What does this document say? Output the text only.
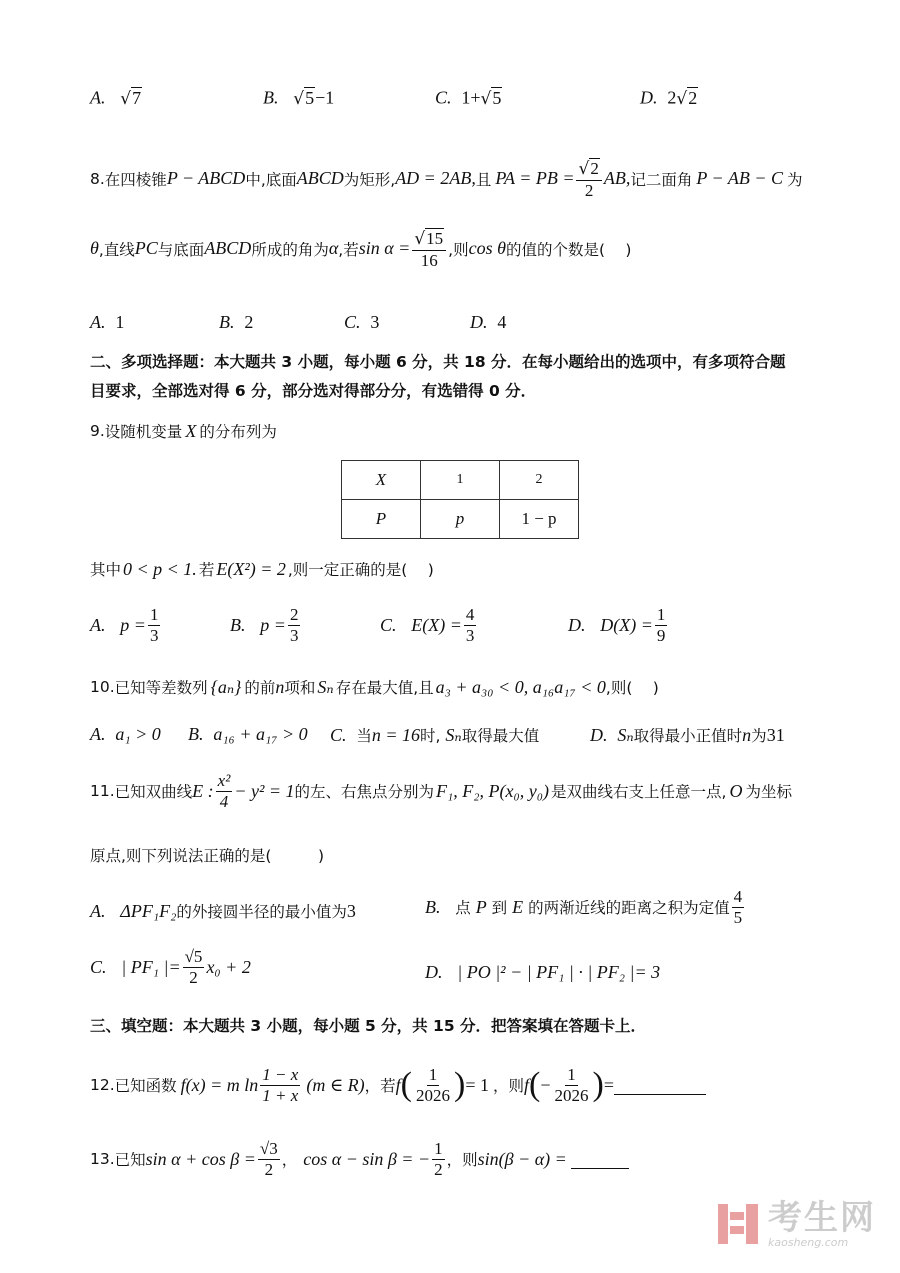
A. √ 7	B. √ 5 −1	C. 1+ √ 5	D. 2 √ 2
8. 在四棱锥 P − ABCD 中,底面 ABCD 为矩形, AD = 2AB, 且 PA = PB = $\frac{√ 2}{2}$ AB, 记二面角 P − AB − C 为
θ ,直线 PC 与底面 ABCD 所成的角为 α ,若 $\sin \alpha = \frac{√ 15}{16}$ ,则 cos θ 的值的个数是(　 )
A. 1	B. 2	C. 3	D. 4
二、多项选择题：本大题共 3 小题，每小题 6 分，共 18 分．在每小题给出的选项中，有多项符合题
目要求，全部选对得 6 分，部分选对得部分分，有选错得 0 分．
9. 设随机变量 X 的分布列为
X	1	2
P	p	1 − p
其中 0 < p < 1. 若 E(X²) = 2 ,则一定正确的是(　 )
A.
$p = \frac{1}{3}$	B.
$p = \frac{2}{3}$	C.
$E(X) = \frac{4}{3}$	D.
$D(X) = \frac{1}{9}$
10. 已知等差数列 {aₙ} 的前 n 项和 Sₙ 存在最大值,且 a₃ + a₃₀ < 0 , a₁₆a₁₇ < 0 ,则(　 )
A. a₁ > 0 B. a₁₆ + a₁₇ > 0 C. 当n = 16时, Sₙ取得最大值	D. Sₙ取得最小正值时n为31
11. 已知双曲线 E : $\frac{\text{x²}}{4} - y^2 = 1$ 的左、右焦点分别为 F₁, F₂, P(x₀, y₀) 是双曲线右支上任意一点, O 为坐标
原点,则下列说法正确的是(　　　)
A.
ΔPF₁F₂ 的外接圆半径的最小值为 3	B.
点
P
到
E
的两渐近线的距离之积为定值 $\frac{4}{5}$
C.
| PF₁ |= $\frac{√5}{2} x_0 + 2$	D.
| PO |² − | PF₁ | · | PF₂ |= 3
三、填空题：本大题共 3 小题，每小题 5 分，共 15 分．把答案填在答题卡上．
12. 已知函数 f(x) = m $\ln \frac{1 - x}{1 + x} (m$ ∈ R) ，若 f ( $\frac{1}{2026}$ ) = 1 ，则 f ( − $\frac{1}{2026}$ ) =
13. 已知 $\sin \alpha + \cos \beta = \frac{√3}{2}$ ， cos α − sin β = − $\frac{1}{2}$ ，则 sin(β − α) =
考生网
kaosheng.com
